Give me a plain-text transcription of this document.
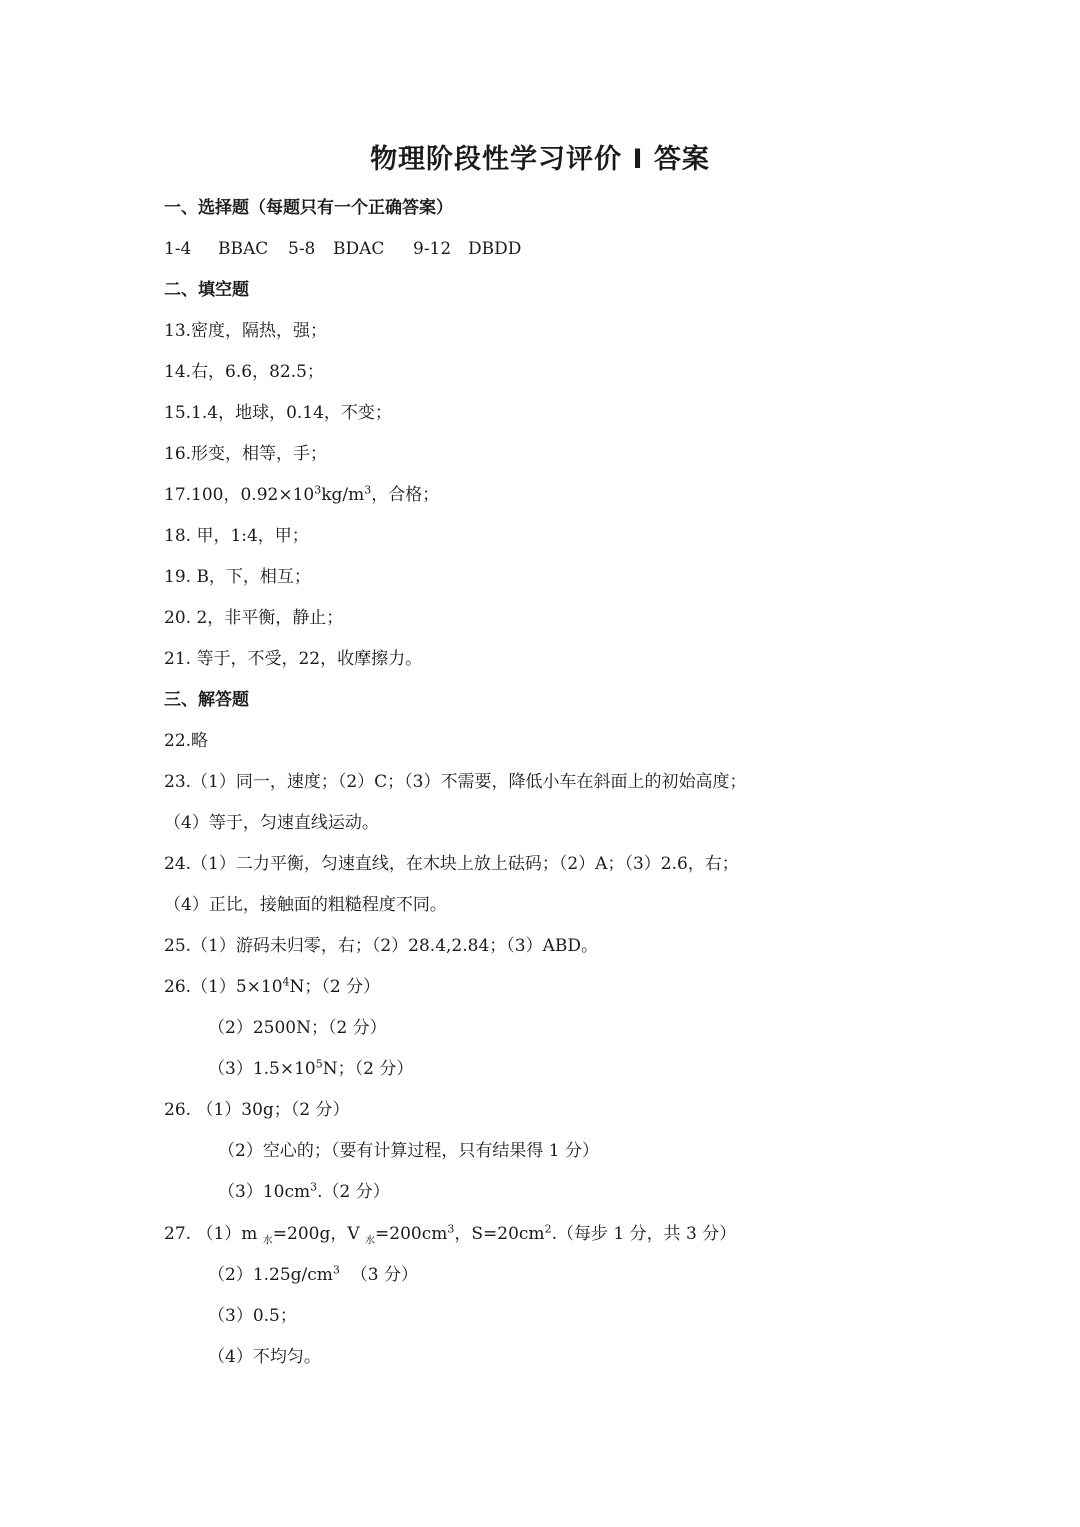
物理阶段性学习评价 I 答案
一、选择题（每题只有一个正确答案）
1-4 BBAC 5-8 BDAC 9-12 DBDD
二、填空题
13.密度，隔热，强；
14.右，6.6，82.5；
15.1.4，地球，0.14，不变；
16.形变，相等，手；
17.100，$0.92\times 10^3kg/m^3$，合格；
18. 甲，1:4，甲；
19. B，下，相互；
20. 2，非平衡，静止；
21. 等于，不受，22，收摩擦力。
三、解答题
22.略
23.（1）同一，速度；（2）C；（3）不需要，降低小车在斜面上的初始高度；
（4）等于，匀速直线运动。
24.（1）二力平衡，匀速直线，在木块上放上砝码；（2）A；（3）2.6，右；
（4）正比，接触面的粗糙程度不同。
25.（1）游码未归零，右；（2）28.4,2.84；（3）ABD。
$26.(1)5\times 10^4N$；（2 分）
（2）2500N；（2 分）
$(3)1.5\times 10^5N$；（2 分）
26. （1）30g；（2 分）
（2）空心的；（要有计算过程，只有结果得 1 分）
$(3)10cm^3.(2$ 分）
27. （1）m $_水$=200g，V $_水=200cm^3$，$S=20cm^2$.（每步 1 分，共 3 分）
$(2)1.25g/cm^3$  （3 分）
（3）0.5；
（4）不均匀。
